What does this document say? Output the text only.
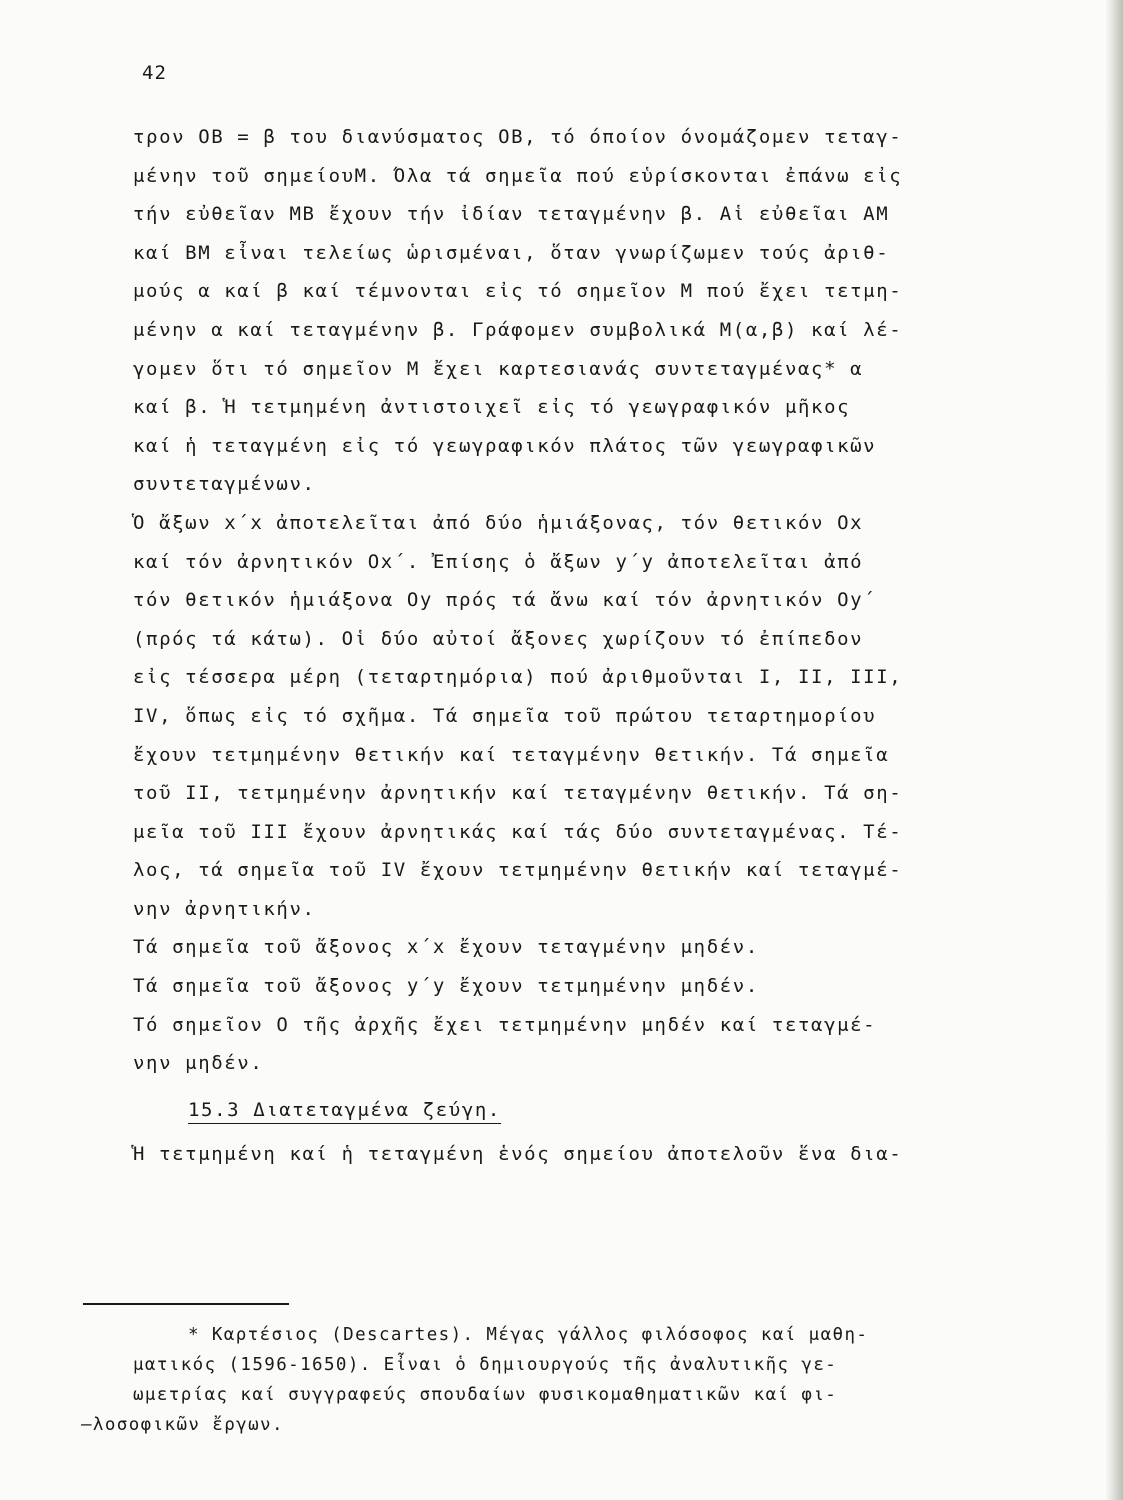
42

τρον OB = β του διανύσματος OB, τό όποίον όνομάζομεν τεταγ-

μένην τοῦ σημείουΜ. Όλα τά σημεῖα πού εὑρίσκονται ἐπάνω εἰς

τήν εὐθεῖαν ΜΒ ἔχουν τήν ἰδίαν τεταγμένην β. Αἱ εὐθεῖαι ΑΜ

καί ΒΜ εἶναι τελείως ὡρισμέναι, ὅταν γνωρίζωμεν τούς ἀριθ-

μούς α καί β καί τέμνονται εἰς τό σημεῖον Μ πού ἔχει τετμη-

μένην α καί τεταγμένην β. Γράφομεν συμβολικά Μ(α,β) καί λέ-

γομεν ὅτι τό σημεῖον Μ ἔχει καρτεσιανάς συντεταγμένας* α

καί β. Ἡ τετμημένη ἀντιστοιχεῖ εἰς τό γεωγραφικόν μῆκος

καί ἡ τεταγμένη εἰς τό γεωγραφικόν πλάτος τῶν γεωγραφικῶν

συντεταγμένων.

Ὁ ἄξων x΄x ἀποτελεῖται ἀπό δύο ἡμιάξονας, τόν θετικόν Ox

καί τόν ἀρνητικόν Ox΄. Ἐπίσης ὁ ἄξων y΄y ἀποτελεῖται ἀπό

τόν θετικόν ἡμιάξονα Oy πρός τά ἄνω καί τόν ἀρνητικόν Oy΄

(πρός τά κάτω). Οἱ δύο αὐτοί ἄξονες χωρίζουν τό ἐπίπεδον

εἰς τέσσερα μέρη (τεταρτημόρια) πού ἀριθμοῦνται I, II, III,

IV, ὅπως εἰς τό σχῆμα. Τά σημεῖα τοῦ πρώτου τεταρτημορίου

ἔχουν τετμημένην θετικήν καί τεταγμένην θετικήν. Τά σημεῖα

τοῦ II, τετμημένην ἀρνητικήν καί τεταγμένην θετικήν. Τά ση-

μεῖα τοῦ III ἔχουν ἀρνητικάς καί τάς δύο συντεταγμένας. Τέ-

λος, τά σημεῖα τοῦ IV ἔχουν τετμημένην θετικήν καί τεταγμέ-

νην ἀρνητικήν.

Τά σημεῖα τοῦ ἄξονος x΄x ἔχουν τεταγμένην μηδέν.

Τά σημεῖα τοῦ ἄξονος y΄y ἔχουν τετμημένην μηδέν.

Τό σημεῖον O τῆς ἀρχῆς ἔχει τετμημένην μηδέν καί τεταγμέ-

νην μηδέν.

15.3 Διατεταγμένα ζεύγη.

Ἡ τετμημένη καί ἡ τεταγμένη ἑνός σημείου ἀποτελοῦν ἕνα δια-

* Καρτέσιος (Descartes). Μέγας γάλλος φιλόσοφος καί μαθη-

ματικός (1596-1650). Εἶναι ὁ δημιουργούς τῆς ἀναλυτικῆς γε-

ωμετρίας καί συγγραφεύς σπουδαίων φυσικομαθηματικῶν καί φι-

—λοσοφικῶν ἔργων.
